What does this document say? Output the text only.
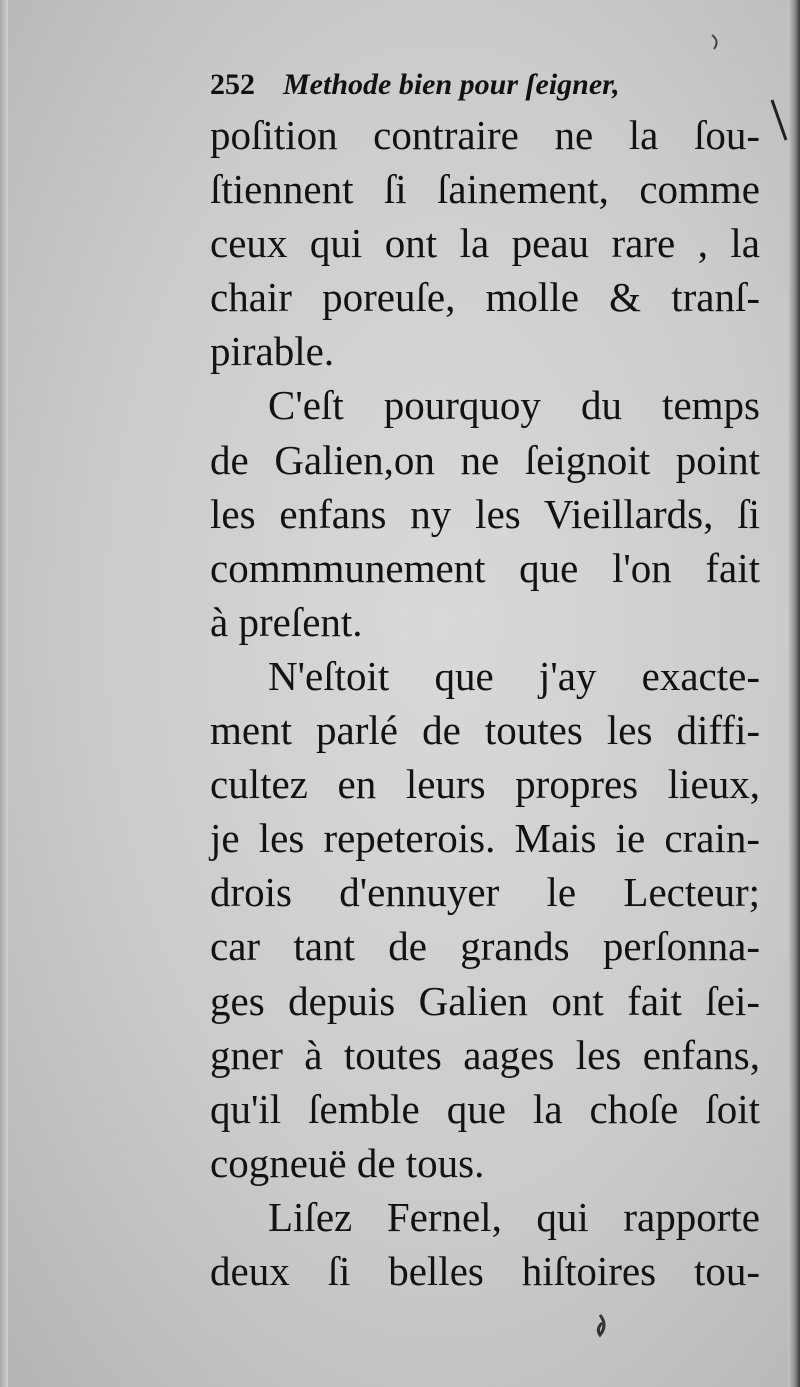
252 Methode bien pour ſeigner,
poſition contraire ne la ſou-
ſtiennent ſi ſainement, comme
ceux qui ont la peau rare , la
chair poreuſe, molle & tranſ-
pirable.
C'eſt pourquoy du temps
de Galien,on ne ſeignoit point
les enfans ny les Vieillards, ſi
commmunement que l'on fait
à preſent.
N'eſtoit que j'ay exacte-
ment parlé de toutes les diffi-
cultez en leurs propres lieux,
je les repeterois. Mais ie crain-
drois d'ennuyer le Lecteur;
car tant de grands perſonna-
ges depuis Galien ont fait ſei-
gner à toutes aages les enfans,
qu'il ſemble que la choſe ſoit
cogneuë de tous.
Liſez Fernel, qui rapporte
deux ſi belles hiſtoires tou-
